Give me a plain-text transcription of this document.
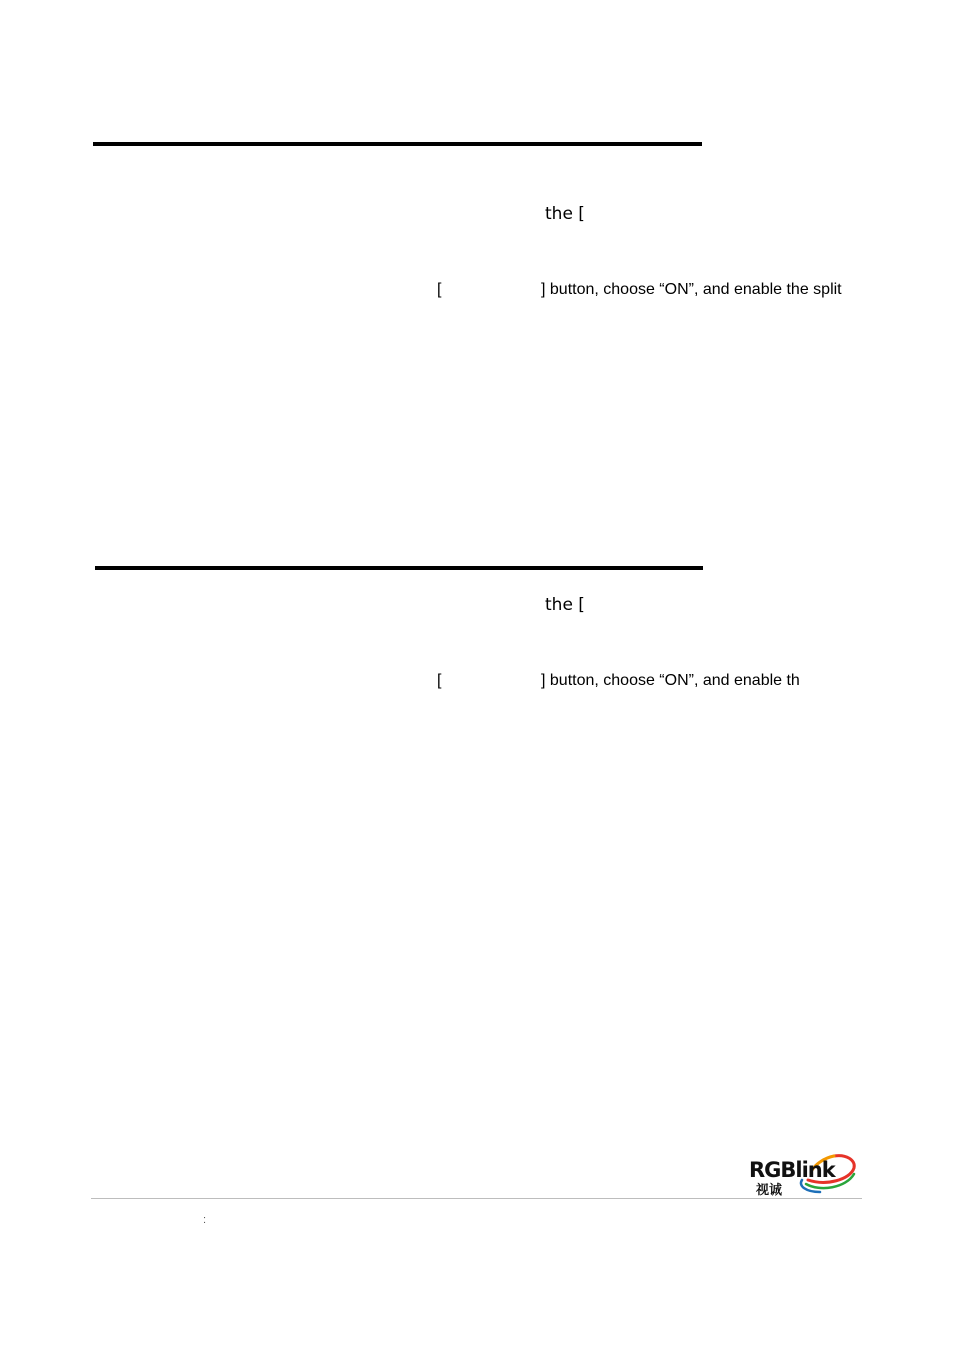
the [
[	] button, choose “ON”, and enable the split
the [
[	] button, choose “ON”, and enable th
RGBlink
视诚
:
